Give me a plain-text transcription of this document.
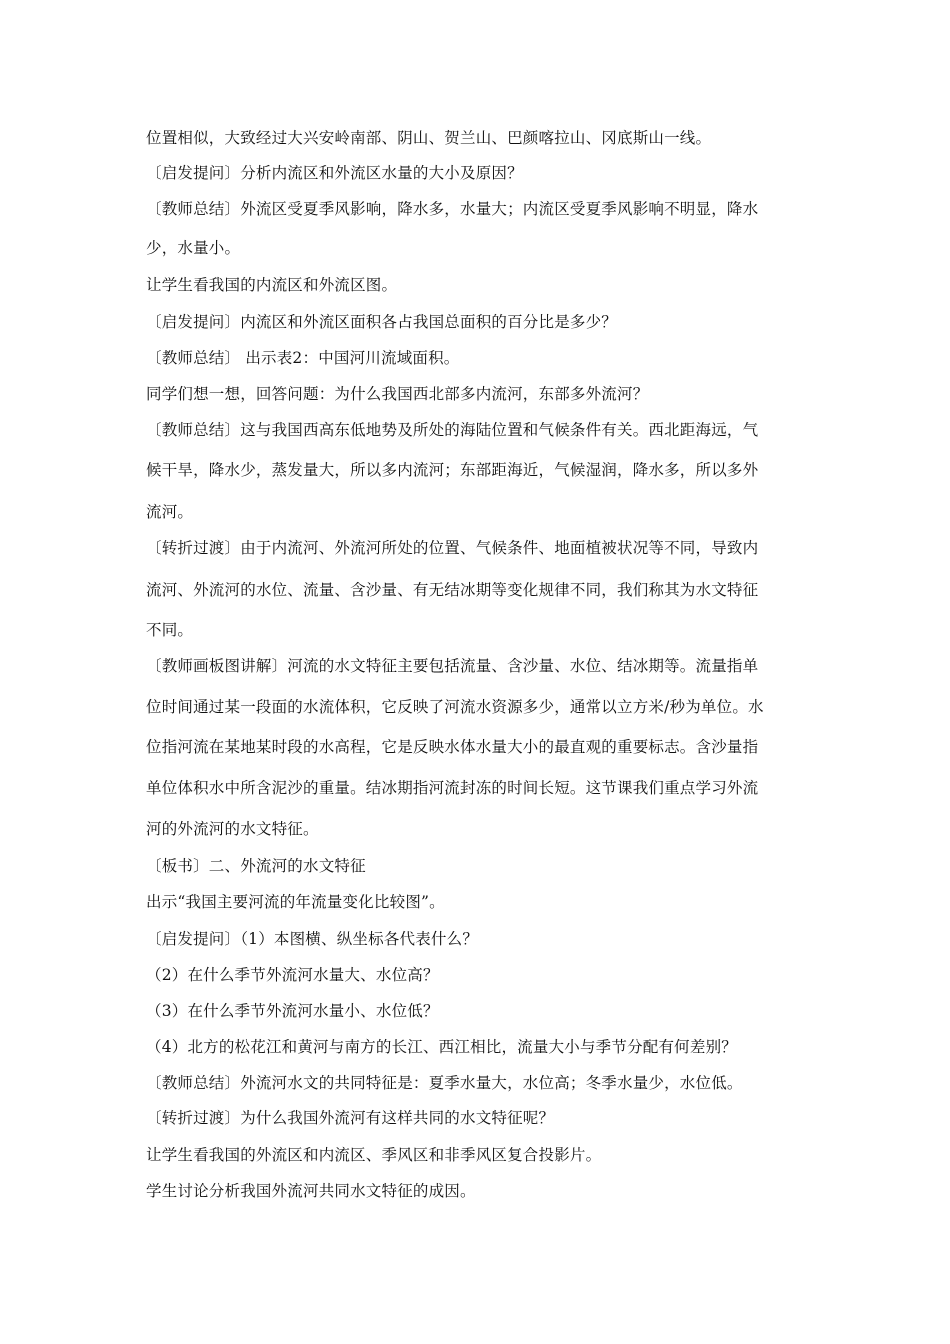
位置相似，大致经过大兴安岭南部、阴山、贺兰山、巴颜喀拉山、冈底斯山一线。
〔启发提问〕分析内流区和外流区水量的大小及原因？
〔教师总结〕外流区受夏季风影响，降水多，水量大；内流区受夏季风影响不明显，降水
少，水量小。
让学生看我国的内流区和外流区图。
〔启发提问〕内流区和外流区面积各占我国总面积的百分比是多少？
〔教师总结〕 出示表2：中国河川流域面积。
同学们想一想，回答问题：为什么我国西北部多内流河，东部多外流河？
〔教师总结〕这与我国西高东低地势及所处的海陆位置和气候条件有关。西北距海远，气
候干旱，降水少，蒸发量大，所以多内流河；东部距海近，气候湿润，降水多，所以多外
流河。
〔转折过渡〕由于内流河、外流河所处的位置、气候条件、地面植被状况等不同，导致内
流河、外流河的水位、流量、含沙量、有无结冰期等变化规律不同，我们称其为水文特征
不同。
〔教师画板图讲解〕河流的水文特征主要包括流量、含沙量、水位、结冰期等。流量指单
位时间通过某一段面的水流体积，它反映了河流水资源多少，通常以立方米/秒为单位。水
位指河流在某地某时段的水高程，它是反映水体水量大小的最直观的重要标志。含沙量指
单位体积水中所含泥沙的重量。结冰期指河流封冻的时间长短。这节课我们重点学习外流
河的外流河的水文特征。
〔板书〕二、外流河的水文特征
出示“我国主要河流的年流量变化比较图”。
〔启发提问〕（1）本图横、纵坐标各代表什么？
（2）在什么季节外流河水量大、水位高？
（3）在什么季节外流河水量小、水位低？
（4）北方的松花江和黄河与南方的长江、西江相比，流量大小与季节分配有何差别？
〔教师总结〕外流河水文的共同特征是：夏季水量大，水位高；冬季水量少，水位低。
〔转折过渡〕为什么我国外流河有这样共同的水文特征呢？
让学生看我国的外流区和内流区、季风区和非季风区复合投影片。
学生讨论分析我国外流河共同水文特征的成因。
